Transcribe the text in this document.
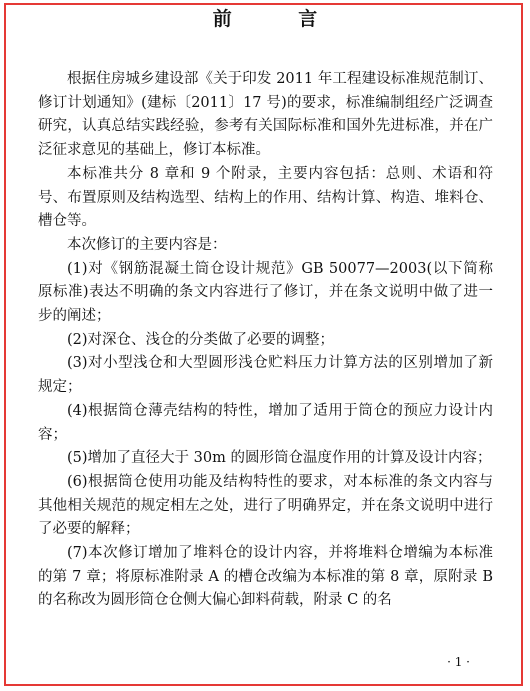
前 言

根据住房城乡建设部《关于印发 2011 年工程建设标准规范制订、修订计划通知》(建标〔2011〕17 号)的要求，标准编制组经广泛调查研究，认真总结实践经验，参考有关国际标准和国外先进标准，并在广泛征求意见的基础上，修订本标准。

本标准共分 8 章和 9 个附录，主要内容包括：总则、术语和符号、布置原则及结构选型、结构上的作用、结构计算、构造、堆料仓、槽仓等。

本次修订的主要内容是：

(1)对《钢筋混凝土筒仓设计规范》GB 50077—2003(以下简称原标准)表达不明确的条文内容进行了修订，并在条文说明中做了进一步的阐述；

(2)对深仓、浅仓的分类做了必要的调整；

(3)对小型浅仓和大型圆形浅仓贮料压力计算方法的区别增加了新规定；

(4)根据筒仓薄壳结构的特性，增加了适用于筒仓的预应力设计内容；

(5)增加了直径大于 30m 的圆形筒仓温度作用的计算及设计内容；

(6)根据筒仓使用功能及结构特性的要求，对本标准的条文内容与其他相关规范的规定相左之处，进行了明确界定，并在条文说明中进行了必要的解释；

(7)本次修订增加了堆料仓的设计内容，并将堆料仓增编为本标准的第 7 章；将原标准附录 A 的槽仓改编为本标准的第 8 章，原附录 B 的名称改为圆形筒仓仓侧大偏心卸料荷载，附录 C 的名

· 1 ·
